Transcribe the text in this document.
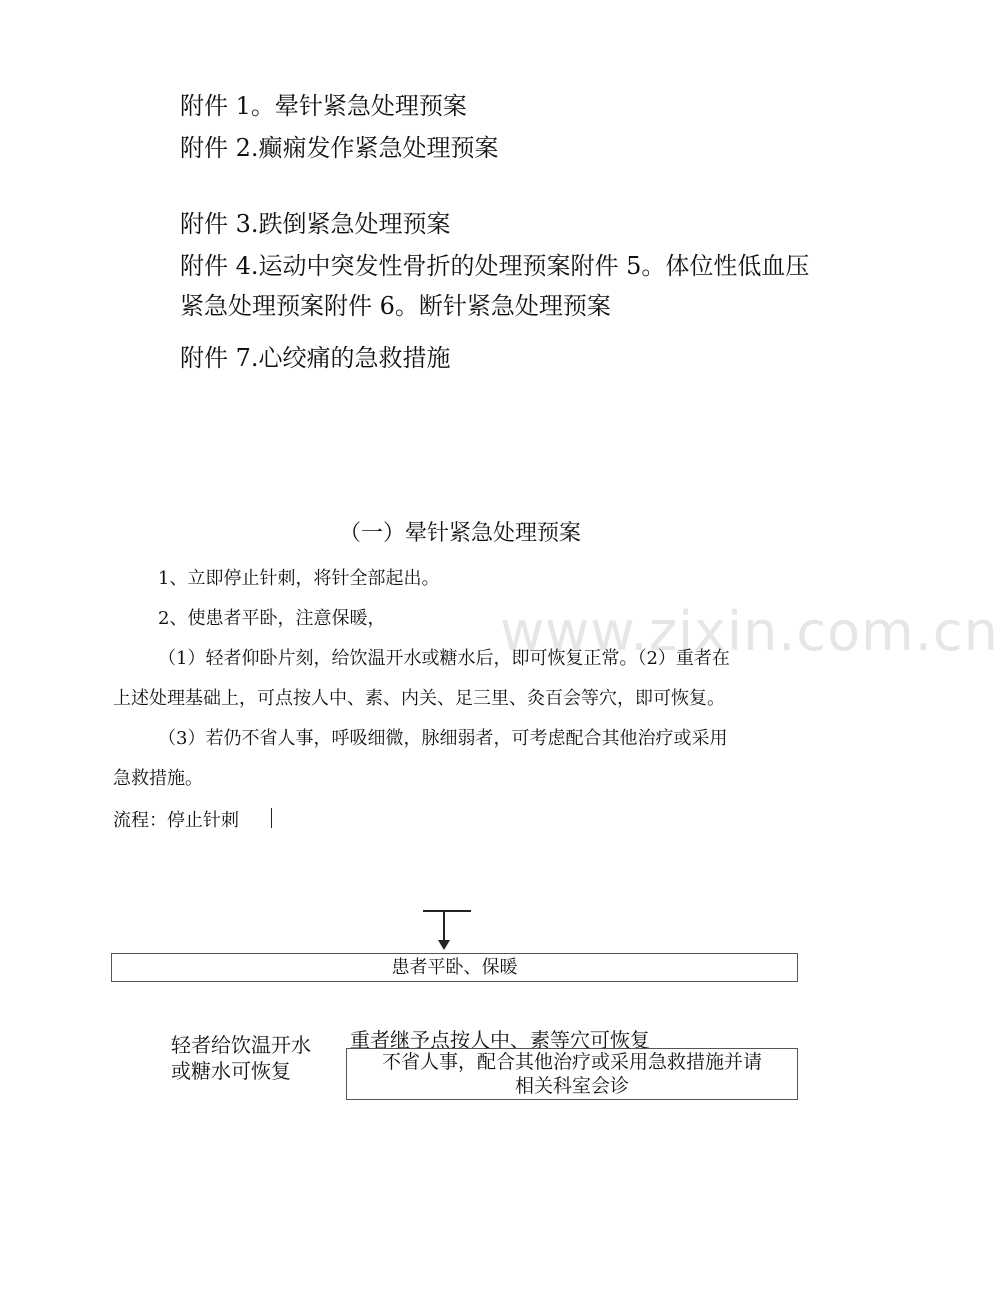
www.zixin.com.cn
附件 1。晕针紧急处理预案
附件 2.癫痫发作紧急处理预案
附件 3.跌倒紧急处理预案
附件 4.运动中突发性骨折的处理预案附件 5。体位性低血压
紧急处理预案附件 6。断针紧急处理预案
附件 7.心绞痛的急救措施
（一）晕针紧急处理预案
1、立即停止针刺，将针全部起出。
2、使患者平卧，注意保暖，
（1）轻者仰卧片刻，给饮温开水或糖水后，即可恢复正常。（2）重者在
上述处理基础上，可点按人中、素、内关、足三里、灸百会等穴，即可恢复。
（3）若仍不省人事，呼吸细微，脉细弱者，可考虑配合其他治疗或采用
急救措施。
流程：停止针刺
患者平卧、保暖
轻者给饮温开水
或糖水可恢复
重者继予点按人中、素等穴可恢复
不省人事，配合其他治疗或采用急救措施并请
相关科室会诊
